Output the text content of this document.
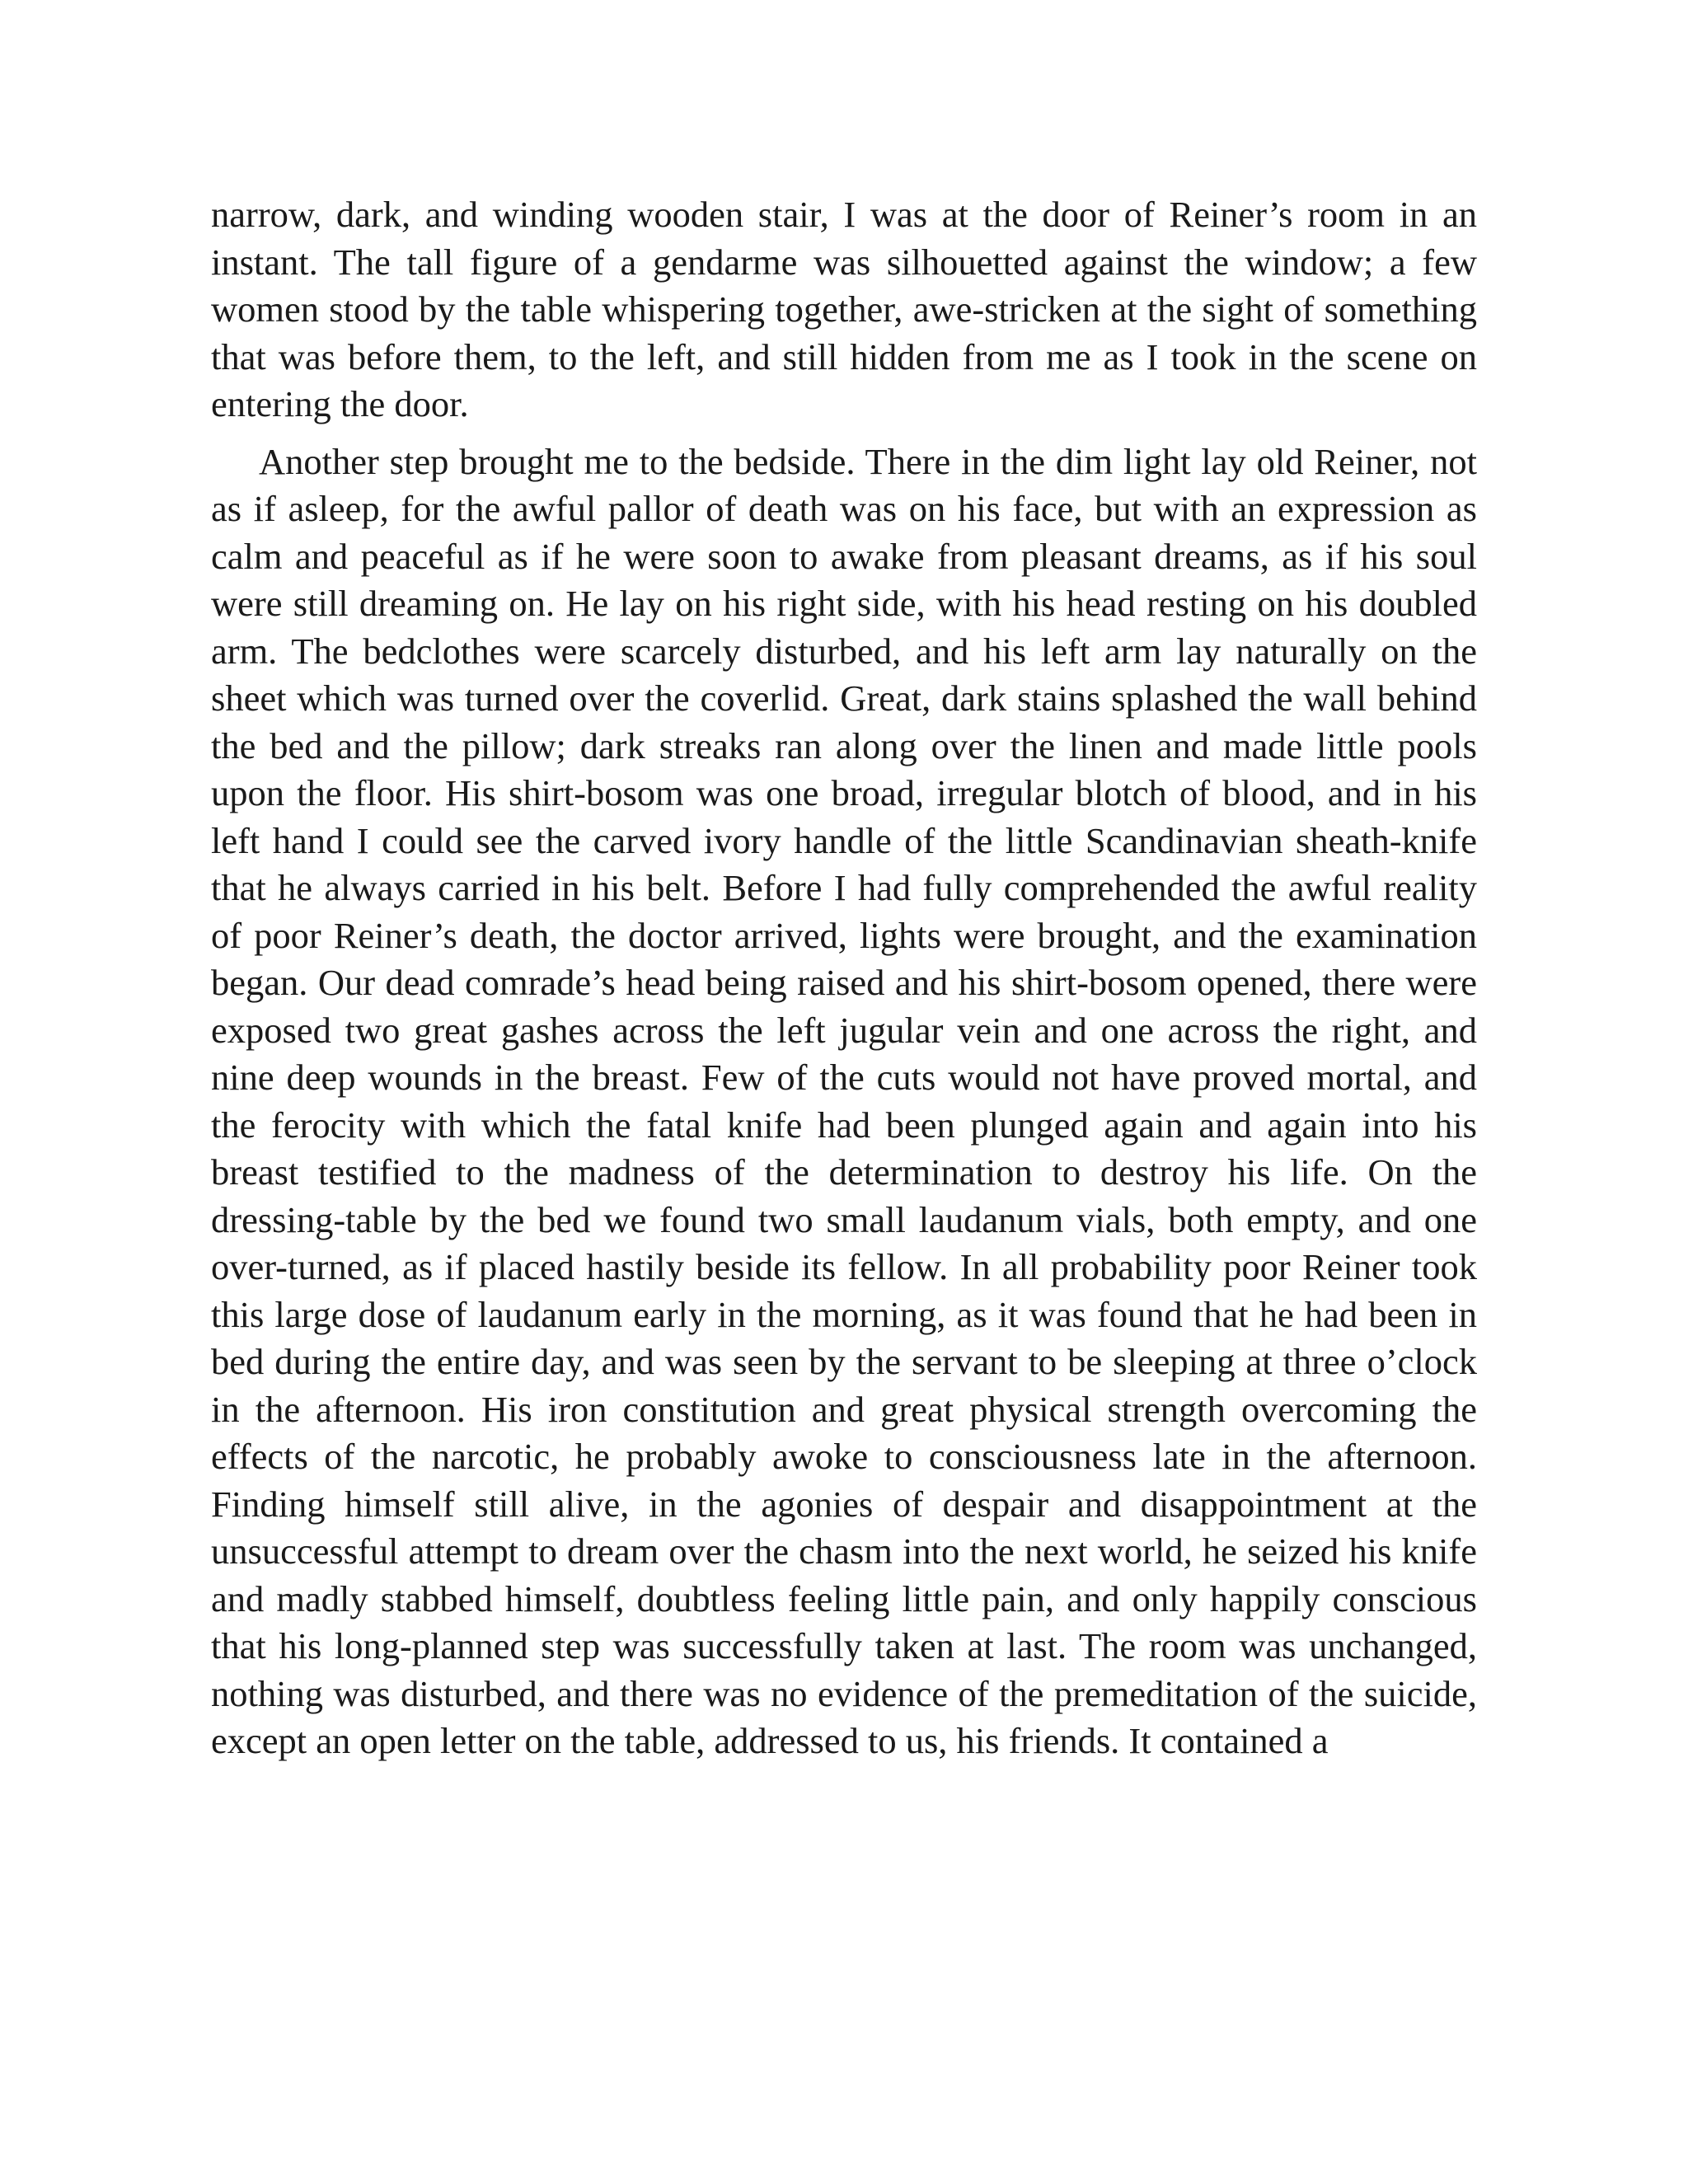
narrow, dark, and winding wooden stair, I was at the door of Reiner’s room in an instant. The tall figure of a gendarme was silhouetted against the window; a few women stood by the table whispering together, awe-stricken at the sight of something that was before them, to the left, and still hidden from me as I took in the scene on entering the door.

Another step brought me to the bedside. There in the dim light lay old Reiner, not as if asleep, for the awful pallor of death was on his face, but with an expression as calm and peaceful as if he were soon to awake from pleasant dreams, as if his soul were still dreaming on. He lay on his right side, with his head resting on his doubled arm. The bedclothes were scarcely disturbed, and his left arm lay naturally on the sheet which was turned over the coverlid. Great, dark stains splashed the wall behind the bed and the pillow; dark streaks ran along over the linen and made little pools upon the floor. His shirt-bosom was one broad, irregular blotch of blood, and in his left hand I could see the carved ivory handle of the little Scandinavian sheath-knife that he always carried in his belt. Before I had fully comprehended the awful reality of poor Reiner’s death, the doctor arrived, lights were brought, and the examination began. Our dead comrade’s head being raised and his shirt-bosom opened, there were exposed two great gashes across the left jugular vein and one across the right, and nine deep wounds in the breast. Few of the cuts would not have proved mortal, and the ferocity with which the fatal knife had been plunged again and again into his breast testified to the madness of the determination to destroy his life. On the dressing-table by the bed we found two small laudanum vials, both empty, and one over-turned, as if placed hastily beside its fellow. In all probability poor Reiner took this large dose of laudanum early in the morning, as it was found that he had been in bed during the entire day, and was seen by the servant to be sleeping at three o’clock in the afternoon. His iron constitution and great physical strength overcoming the effects of the narcotic, he probably awoke to consciousness late in the afternoon. Finding himself still alive, in the agonies of despair and disappointment at the unsuccessful attempt to dream over the chasm into the next world, he seized his knife and madly stabbed himself, doubtless feeling little pain, and only happily conscious that his long-planned step was successfully taken at last. The room was unchanged, nothing was disturbed, and there was no evidence of the premeditation of the suicide, except an open letter on the table, addressed to us, his friends. It contained a
